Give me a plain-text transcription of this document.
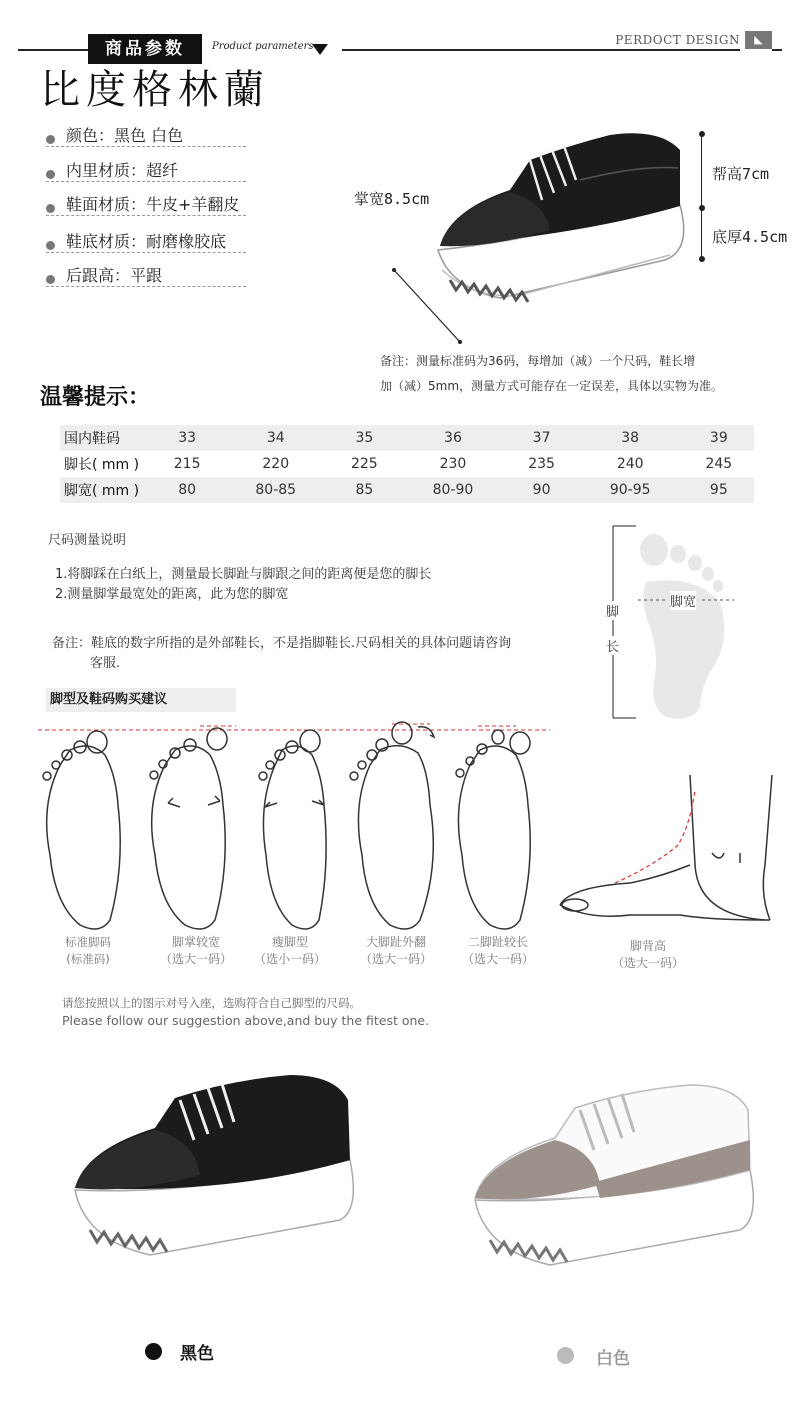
商品参数	Product parameters	PERDOCT DESIGN	◣
比度格林蘭
颜色：黑色 白色
内里材质：超纤
鞋面材质：牛皮+羊翻皮
鞋底材质：耐磨橡胶底
后跟高：平跟
掌宽8.5cm
帮高7cm
底厚4.5cm
备注：测量标准码为36码，每增加（减）一个尺码，鞋长增
加（减）5mm，测量方式可能存在一定误差，具体以实物为准。
温馨提示：
国内鞋码	33	34	35	36	37	38	39
脚长( mm )	215	220	225	230	235	240	245
脚宽( mm )	80	80-85	85	80-90	90	90-95	95
尺码测量说明
1.将脚踩在白纸上，测量最长脚趾与脚跟之间的距离便是您的脚长
2.测量脚掌最宽处的距离，此为您的脚宽
备注：鞋底的数字所指的是外部鞋长，不是指脚鞋长.尺码相关的具体问题请咨询
客服.
脚
长
脚宽
脚型及鞋码购买建议
标准脚码
(标准码)
脚掌较宽
（选大一码）
瘦脚型
（选小一码）
大脚趾外翻
（选大一码）
二脚趾较长
（选大一码）
脚背高
（选大一码）
请您按照以上的图示对号入座，选购符合自己脚型的尺码。
Please follow our suggestion above,and buy the fitest one.
黑色	白色
